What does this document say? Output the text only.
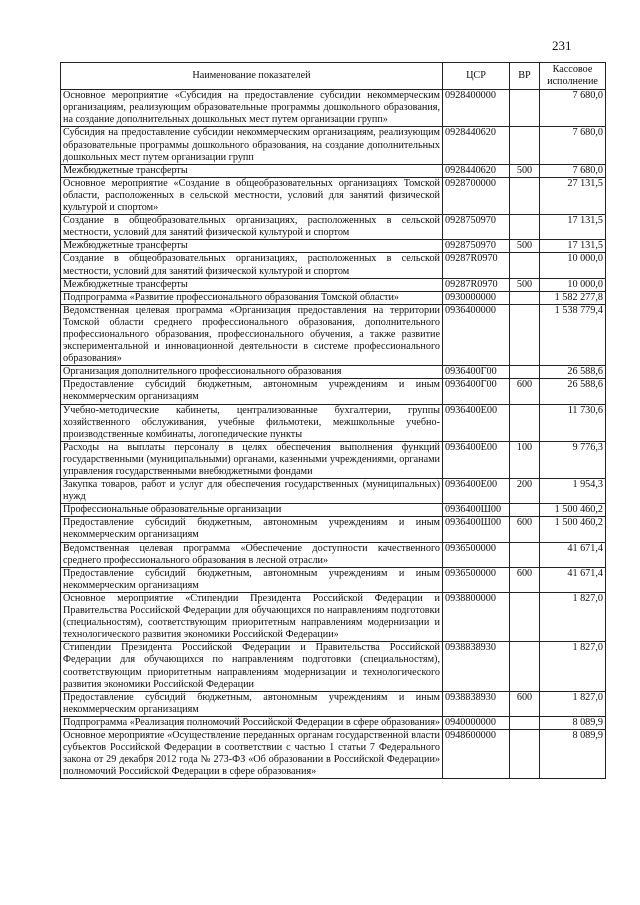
231
Наименование показателей	ЦСР	ВР	Кассовое исполнение
Основное мероприятие «Субсидия на предоставление субсидии некоммерческим организациям, реализующим образовательные программы дошкольного образования, на создание дополнительных дошкольных мест путем организации групп»	0928400000		7 680,0
Субсидия на предоставление субсидии некоммерческим организациям, реализующим образовательные программы дошкольного образования, на создание дополнительных дошкольных мест путем организации групп	0928440620		7 680,0
Межбюджетные трансферты	0928440620	500	7 680,0
Основное мероприятие «Создание в общеобразовательных организациях Томской области, расположенных в сельской местности, условий для занятий физической культурой и спортом»	0928700000		27 131,5
Создание в общеобразовательных организациях, расположенных в сельской местности, условий для занятий физической культурой и спортом	0928750970		17 131,5
Межбюджетные трансферты	0928750970	500	17 131,5
Создание в общеобразовательных организациях, расположенных в сельской местности, условий для занятий физической культурой и спортом	09287R0970		10 000,0
Межбюджетные трансферты	09287R0970	500	10 000,0
Подпрограмма «Развитие профессионального образования Томской области»	0930000000		1 582 277,8
Ведомственная целевая программа «Организация предоставления на территории Томской области среднего профессионального образования, дополнительного профессионального образования, профессионального обучения, а также развитие экспериментальной и инновационной деятельности в системе профессионального образования»	0936400000		1 538 779,4
Организация дополнительного профессионального образования	0936400Г00		26 588,6
Предоставление субсидий бюджетным, автономным учреждениям и иным некоммерческим организациям	0936400Г00	600	26 588,6
Учебно-методические кабинеты, централизованные бухгалтерии, группы хозяйственного обслуживания, учебные фильмотеки, межшкольные учебно-производственные комбинаты, логопедические пункты	0936400Е00		11 730,6
Расходы на выплаты персоналу в целях обеспечения выполнения функций государственными (муниципальными) органами, казенными учреждениями, органами управления государственными внебюджетными фондами	0936400Е00	100	9 776,3
Закупка товаров, работ и услуг для обеспечения государственных (муниципальных) нужд	0936400Е00	200	1 954,3
Профессиональные образовательные организации	0936400Ш00		1 500 460,2
Предоставление субсидий бюджетным, автономным учреждениям и иным некоммерческим организациям	0936400Ш00	600	1 500 460,2
Ведомственная целевая программа «Обеспечение доступности качественного среднего профессионального образования в лесной отрасли»	0936500000		41 671,4
Предоставление субсидий бюджетным, автономным учреждениям и иным некоммерческим организациям	0936500000	600	41 671,4
Основное мероприятие «Стипендии Президента Российской Федерации и Правительства Российской Федерации для обучающихся по направлениям подготовки (специальностям), соответствующим приоритетным направлениям модернизации и технологического развития экономики Российской Федерации»	0938800000		1 827,0
Стипендии Президента Российской Федерации и Правительства Российской Федерации для обучающихся по направлениям подготовки (специальностям), соответствующим приоритетным направлениям модернизации и технологического развития экономики Российской Федерации	0938838930		1 827,0
Предоставление субсидий бюджетным, автономным учреждениям и иным некоммерческим организациям	0938838930	600	1 827,0
Подпрограмма «Реализация полномочий Российской Федерации в сфере образования»	0940000000		8 089,9
Основное мероприятие «Осуществление переданных органам государственной власти субъектов Российской Федерации в соответствии с частью 1 статьи 7 Федерального закона от 29 декабря 2012 года № 273-ФЗ «Об образовании в Российской Федерации» полномочий Российской Федерации в сфере образования»	0948600000		8 089,9
